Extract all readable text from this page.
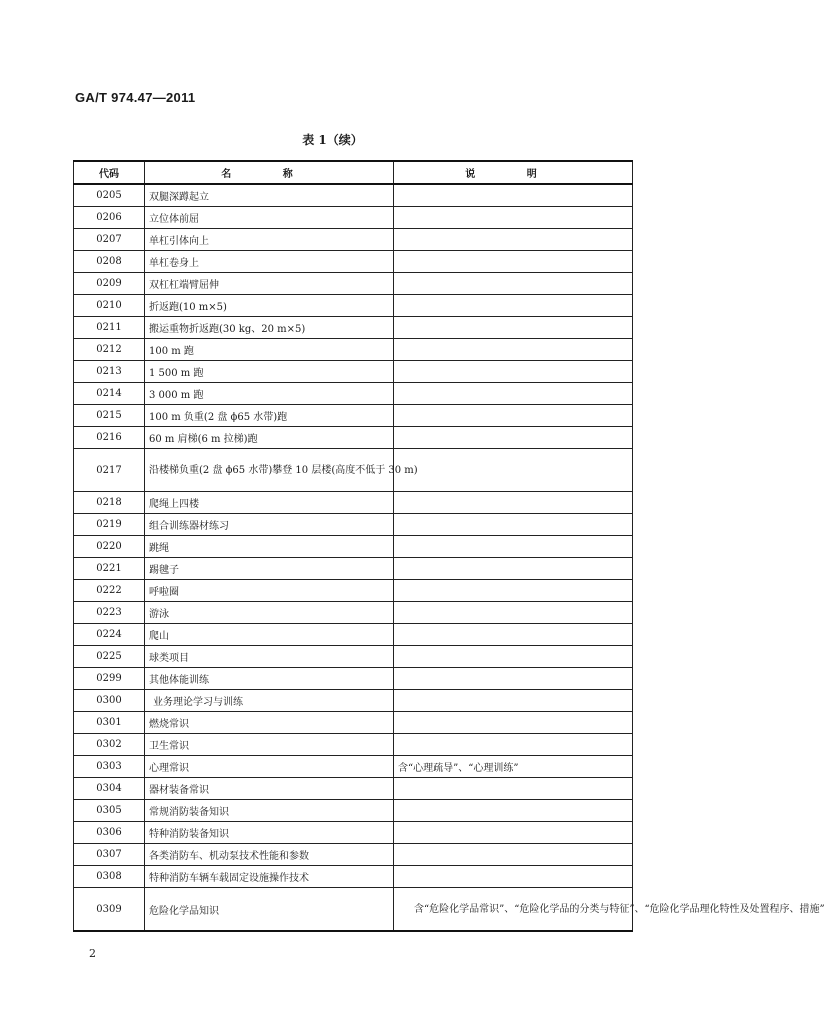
GA/T 974.47—2011
表 1（续）
代码	名 称	说 明
0205	双腿深蹲起立	
0206	立位体前屈	
0207	单杠引体向上	
0208	单杠卷身上	
0209	双杠杠端臂屈伸	
0210	折返跑(10 m×5)	
0211	搬运重物折返跑(30 kg、20 m×5)	
0212	100 m 跑	
0213	1 500 m 跑	
0214	3 000 m 跑	
0215	100 m 负重(2 盘 ϕ65 水带)跑	
0216	60 m 肩梯(6 m 拉梯)跑	
0217	沿楼梯负重(2 盘 ϕ65 水带)攀登 10 层楼(高度不低于 30 m)	
0218	爬绳上四楼	
0219	组合训练器材练习	
0220	跳绳	
0221	踢毽子	
0222	呼啦圈	
0223	游泳	
0224	爬山	
0225	球类项目	
0299	其他体能训练	
0300	业务理论学习与训练	
0301	燃烧常识	
0302	卫生常识	
0303	心理常识	含“心理疏导”、“心理训练”
0304	器材装备常识	
0305	常规消防装备知识	
0306	特种消防装备知识	
0307	各类消防车、机动泵技术性能和参数	
0308	特种消防车辆车载固定设施操作技术	
0309	危险化学品知识	含“危险化学品常识”、“危险化学品的分类与特征”、“危险化学品理化特性及处置程序、措施”
2
